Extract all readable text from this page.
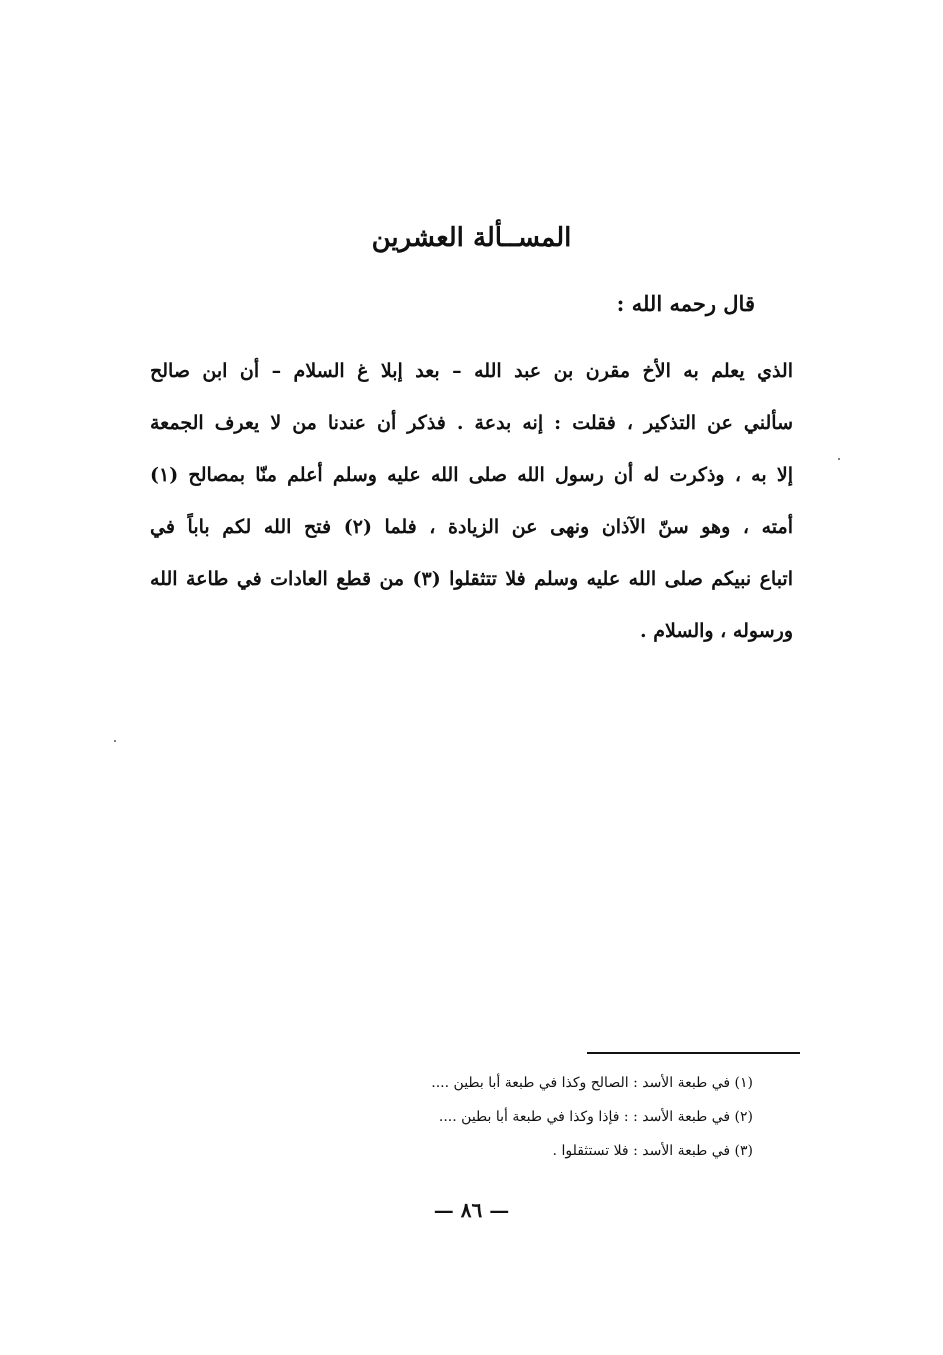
المســألة العشرين
قال رحمه الله :
الذي يعلم به الأخ مقرن بن عبد الله – بعد إبلا غ السلام – أن ابن صالح
سألني عن التذكير ، فقلت : إنه بدعة . فذكر أن عندنا من لا يعرف الجمعة
إلا به ، وذكرت له أن رسول الله صلى الله عليه وسلم أعلم منّا بمصالح (١)
أمته ، وهو سنّ الآذان ونهى عن الزيادة ، فلما (٢) فتح الله لكم باباً في
اتباع نبيكم صلى الله عليه وسلم فلا تتثقلوا (٣) من قطع العادات في طاعة الله
ورسوله ، والسلام .
(١) في طبعة الأسد : الصالح وكذا في طبعة أبا بطين ....
(٢) في طبعة الأسد : : فإذا وكذا في طبعة أبا بطين ....
(٣) في طبعة الأسد : فلا تستثقلوا .
— ٨٦ —
